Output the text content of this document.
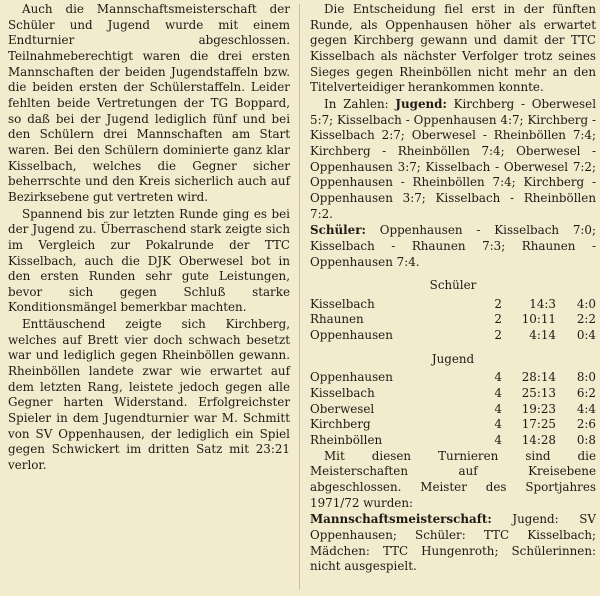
Auch die Mannschaftsmeisterschaft der Schüler und Jugend wurde mit einem Endturnier abgeschlossen. Teilnahmeberechtigt waren die drei ersten Mannschaften der beiden Jugendstaffeln bzw. die beiden ersten der Schülerstaffeln. Leider fehlten beide Vertretungen der TG Boppard, so daß bei der Jugend lediglich fünf und bei den Schülern drei Mannschaften am Start waren. Bei den Schülern dominierte ganz klar Kisselbach, welches die Gegner sicher beherrschte und den Kreis sicherlich auch auf Bezirksebene gut vertreten wird.

Spannend bis zur letzten Runde ging es bei der Jugend zu. Überraschend stark zeigte sich im Vergleich zur Pokalrunde der TTC Kisselbach, auch die DJK Oberwesel bot in den ersten Runden sehr gute Leistungen, bevor sich gegen Schluß starke Konditionsmängel bemerkbar machten.

Enttäuschend zeigte sich Kirchberg, welches auf Brett vier doch schwach besetzt war und lediglich gegen Rheinböllen gewann. Rheinböllen landete zwar wie erwartet auf dem letzten Rang, leistete jedoch gegen alle Gegner harten Widerstand. Erfolgreichster Spieler in dem Jugendturnier war M. Schmitt von SV Oppenhausen, der lediglich ein Spiel gegen Schwickert im dritten Satz mit 23:21 verlor.

Die Entscheidung fiel erst in der fünften Runde, als Oppenhausen höher als erwartet gegen Kirchberg gewann und damit der TTC Kisselbach als nächster Verfolger trotz seines Sieges gegen Rheinböllen nicht mehr an den Titelverteidiger herankommen konnte.

In Zahlen: Jugend: Kirchberg - Oberwesel 5:7; Kisselbach - Oppenhausen 4:7; Kirchberg - Kisselbach 2:7; Oberwesel - Rheinböllen 7:4; Kirchberg - Rheinböllen 7:4; Oberwesel - Oppenhausen 3:7; Kisselbach - Oberwesel 7:2; Oppenhausen - Rheinböllen 7:4; Kirchberg - Oppenhausen 3:7; Kisselbach - Rheinböllen 7:2.

Schüler: Oppenhausen - Kisselbach 7:0; Kisselbach - Rhaunen 7:3; Rhaunen - Oppenhausen 7:4.

Schüler
Kisselbach	2	14:3	4:0
Rhaunen	2	10:11	2:2
Oppenhausen	2	4:14	0:4
Jugend
Oppenhausen	4	28:14	8:0
Kisselbach	4	25:13	6:2
Oberwesel	4	19:23	4:4
Kirchberg	4	17:25	2:6
Rheinböllen	4	14:28	0:8

Mit diesen Turnieren sind die Meisterschaften auf Kreisebene abgeschlossen. Meister des Sportjahres 1971/72 wurden:

Mannschaftsmeisterschaft: Jugend: SV Oppenhausen; Schüler: TTC Kisselbach; Mädchen: TTC Hungenroth; Schülerinnen: nicht ausgespielt.
